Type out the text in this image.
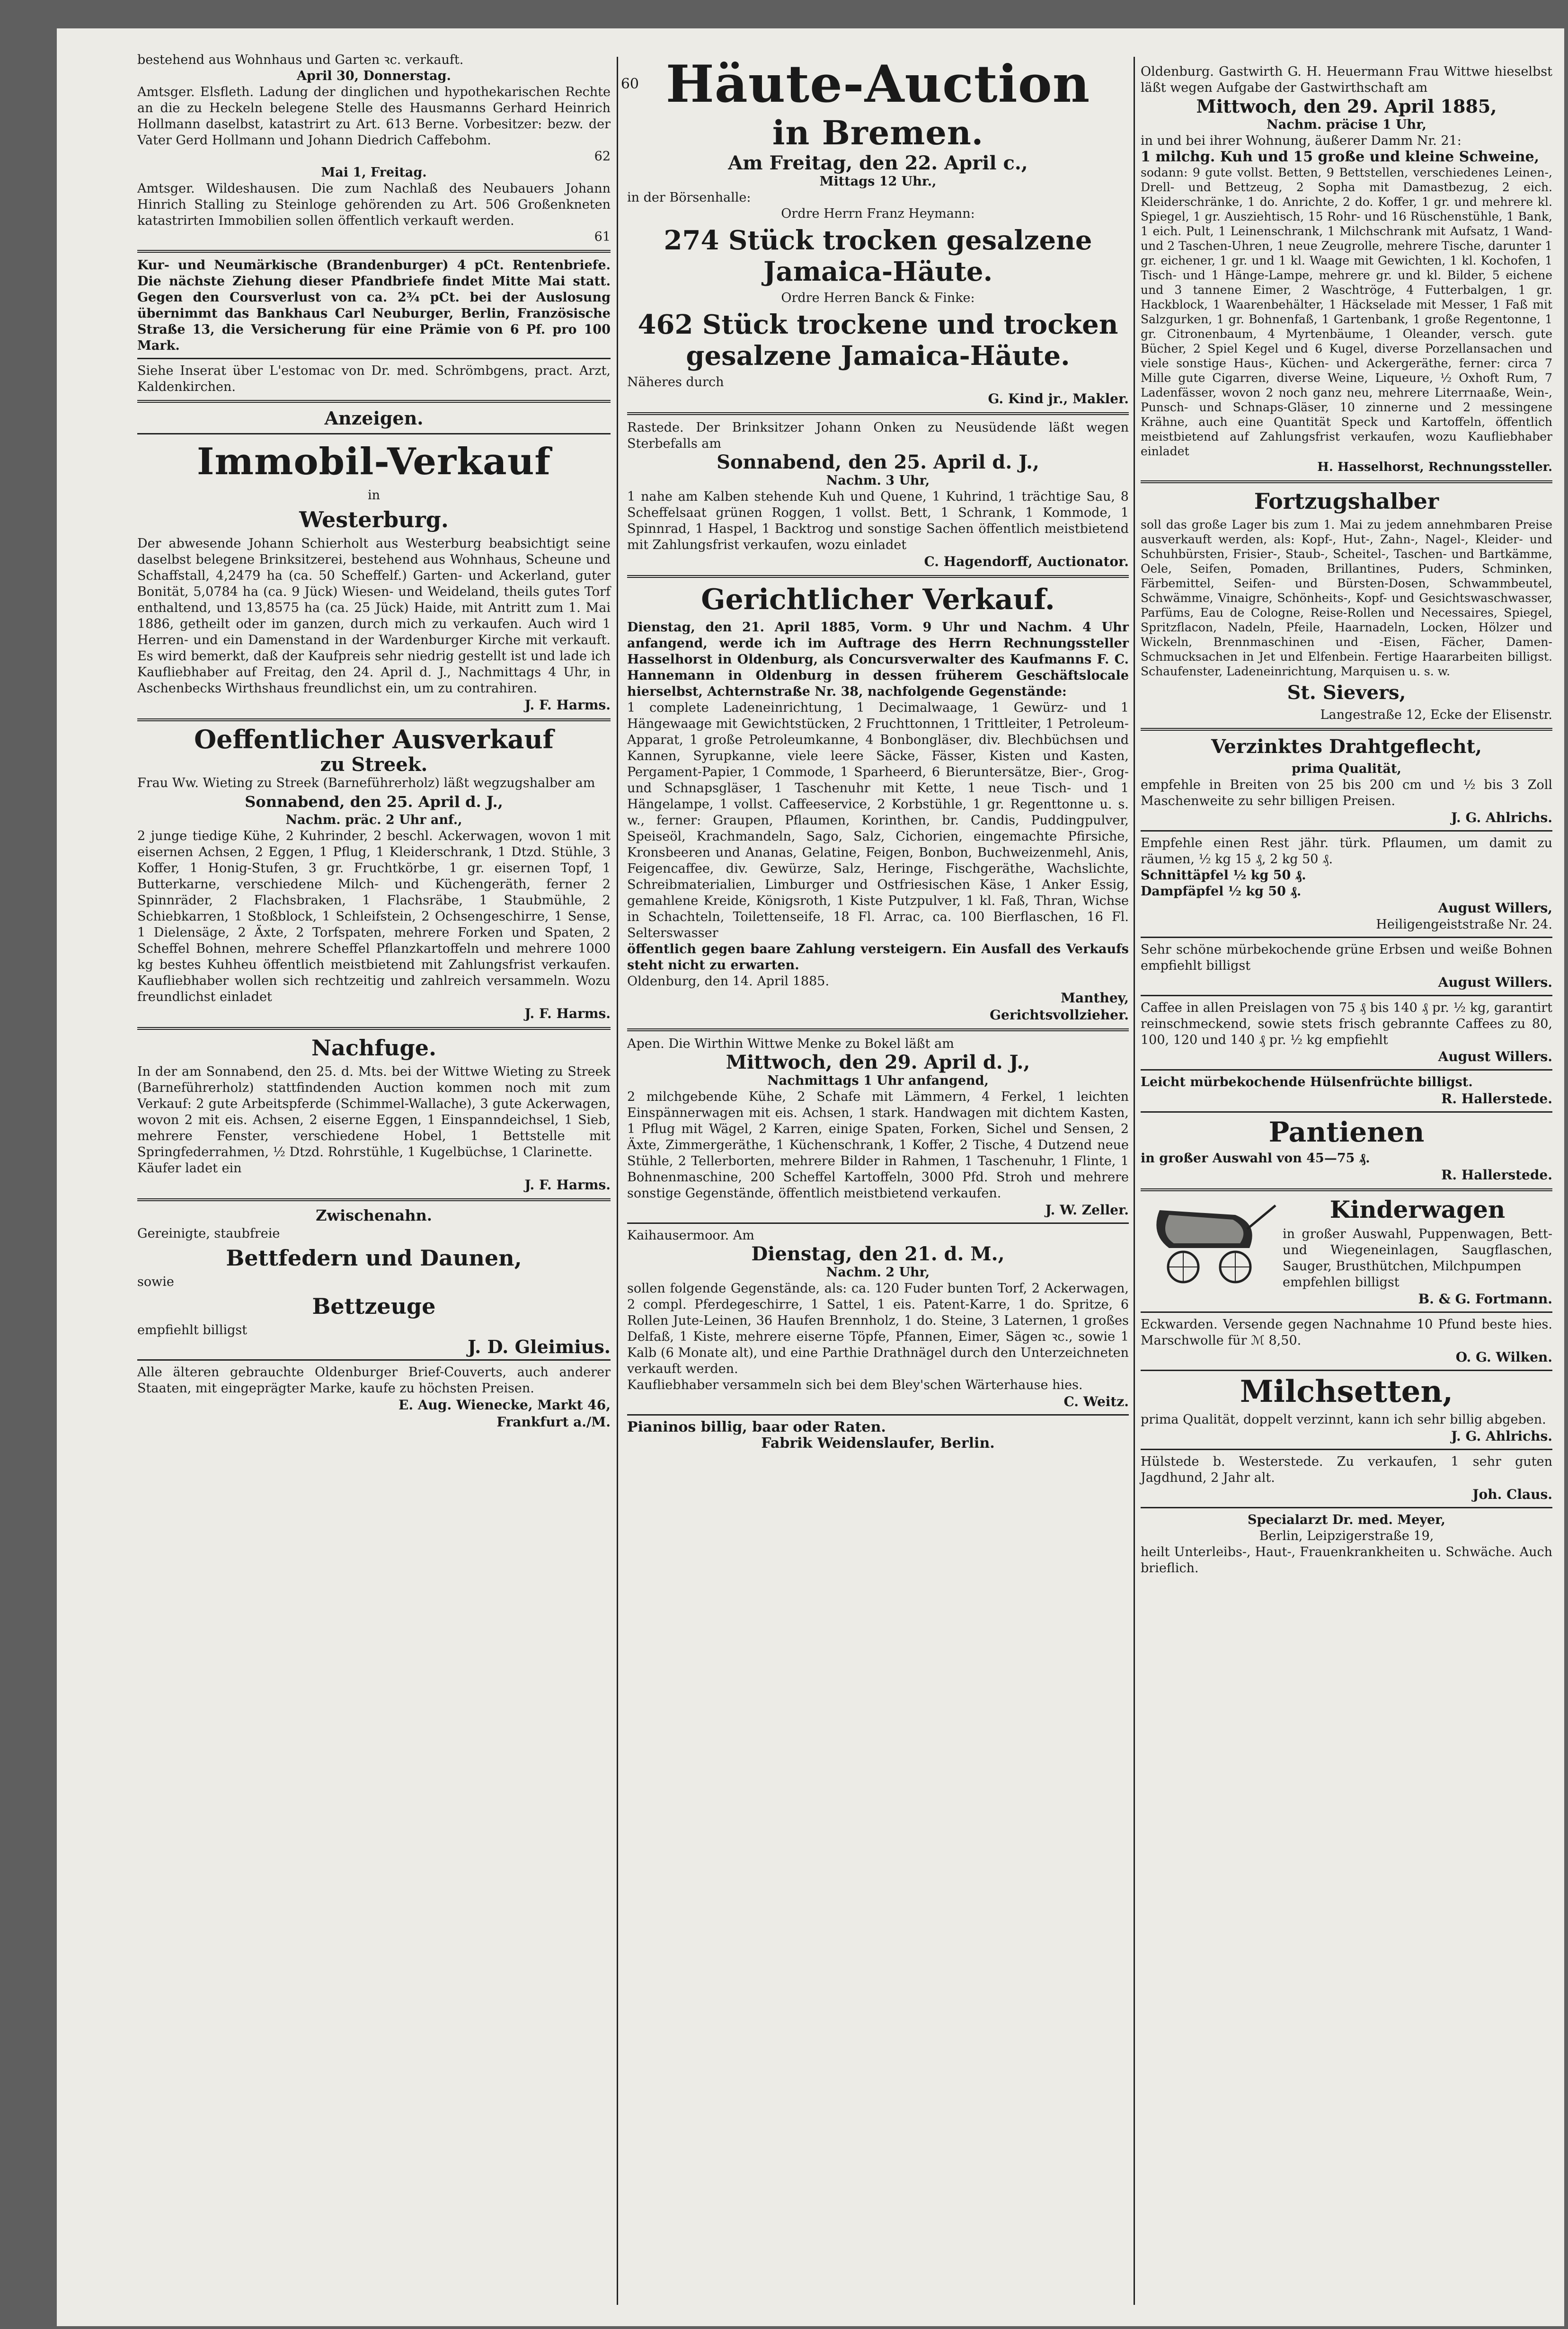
bestehend aus Wohnhaus und Garten ꝛc. verkauft.

60

April 30, Donnerstag.

Amtsger. Elsfleth. Ladung der dinglichen und hypothekarischen Rechte an die zu Heckeln belegene Stelle des Hausmanns Gerhard Heinrich Hollmann daselbst, katastrirt zu Art. 613 Berne. Vorbesitzer: bezw. der Vater Gerd Hollmann und Johann Diedrich Caffebohm.

62

Mai 1, Freitag.

Amtsger. Wildeshausen. Die zum Nachlaß des Neubauers Johann Hinrich Stalling zu Steinloge gehörenden zu Art. 506 Großenkneten katastrirten Immobilien sollen öffentlich verkauft werden.

61

Kur- und Neumärkische (Brandenburger) 4 pCt. Rentenbriefe. Die nächste Ziehung dieser Pfandbriefe findet Mitte Mai statt. Gegen den Coursverlust von ca. 2¾ pCt. bei der Auslosung übernimmt das Bankhaus Carl Neuburger, Berlin, Französische Straße 13, die Versicherung für eine Prämie von 6 Pf. pro 100 Mark.

Siehe Inserat über L'estomac von Dr. med. Schrömbgens, pract. Arzt, Kaldenkirchen.

Anzeigen.
Immobil-Verkauf

in

Westerburg.

Der abwesende Johann Schierholt aus Westerburg beabsichtigt seine daselbst belegene Brinksitzerei, bestehend aus Wohnhaus, Scheune und Schaffstall, 4,2479 ha (ca. 50 Scheffelf.) Garten- und Ackerland, guter Bonität, 5,0784 ha (ca. 9 Jück) Wiesen- und Weideland, theils gutes Torf enthaltend, und 13,8575 ha (ca. 25 Jück) Haide, mit Antritt zum 1. Mai 1886, getheilt oder im ganzen, durch mich zu verkaufen. Auch wird 1 Herren- und ein Damenstand in der Wardenburger Kirche mit verkauft. Es wird bemerkt, daß der Kaufpreis sehr niedrig gestellt ist und lade ich Kaufliebhaber auf Freitag, den 24. April d. J., Nachmittags 4 Uhr, in Aschenbecks Wirthshaus freundlichst ein, um zu contrahiren.

J. F. Harms.

Oeffentlicher Ausverkauf
zu Streek.

Frau Ww. Wieting zu Streek (Barneführerholz) läßt wegzugshalber am

Sonnabend, den 25. April d. J.,

Nachm. präc. 2 Uhr anf.,

2 junge tiedige Kühe, 2 Kuhrinder, 2 beschl. Ackerwagen, wovon 1 mit eisernen Achsen, 2 Eggen, 1 Pflug, 1 Kleiderschrank, 1 Dtzd. Stühle, 3 Koffer, 1 Honig-Stufen, 3 gr. Fruchtkörbe, 1 gr. eisernen Topf, 1 Butterkarne, verschiedene Milch- und Küchengeräth, ferner 2 Spinnräder, 2 Flachsbraken, 1 Flachsräbe, 1 Staubmühle, 2 Schiebkarren, 1 Stoßblock, 1 Schleifstein, 2 Ochsengeschirre, 1 Sense, 1 Dielensäge, 2 Äxte, 2 Torfspaten, mehrere Forken und Spaten, 2 Scheffel Bohnen, mehrere Scheffel Pflanzkartoffeln und mehrere 1000 kg bestes Kuhheu öffentlich meistbietend mit Zahlungsfrist verkaufen. Kaufliebhaber wollen sich rechtzeitig und zahlreich versammeln. Wozu freundlichst einladet

J. F. Harms.

Nachfuge.

In der am Sonnabend, den 25. d. Mts. bei der Wittwe Wieting zu Streek (Barneführerholz) stattfindenden Auction kommen noch mit zum Verkauf: 2 gute Arbeitspferde (Schimmel-Wallache), 3 gute Ackerwagen, wovon 2 mit eis. Achsen, 2 eiserne Eggen, 1 Einspanndeichsel, 1 Sieb, mehrere Fenster, verschiedene Hobel, 1 Bettstelle mit Springfederrahmen, ½ Dtzd. Rohrstühle, 1 Kugelbüchse, 1 Clarinette.

Käufer ladet ein

J. F. Harms.

Zwischenahn.

Gereinigte, staubfreie

Bettfedern und Daunen,

sowie

Bettzeuge

empfiehlt billigst

J. D. Gleimius.

Alle älteren gebrauchte Oldenburger Brief-Couverts, auch anderer Staaten, mit eingeprägter Marke, kaufe zu höchsten Preisen.

E. Aug. Wienecke, Markt 46,

Frankfurt a./M.

Häute-Auction
in Bremen.
Am Freitag, den 22. April c.,

Mittags 12 Uhr.,

in der Börsenhalle:

Ordre Herrn Franz Heymann:

274 Stück trocken gesalzene Jamaica-Häute.

Ordre Herren Banck & Finke:

462 Stück trockene und trocken gesalzene Jamaica-Häute.

Näheres durch

G. Kind jr., Makler.

Rastede. Der Brinksitzer Johann Onken zu Neusüdende läßt wegen Sterbefalls am

Sonnabend, den 25. April d. J.,

Nachm. 3 Uhr,

1 nahe am Kalben stehende Kuh und Quene, 1 Kuhrind, 1 trächtige Sau, 8 Scheffelsaat grünen Roggen, 1 vollst. Bett, 1 Schrank, 1 Kommode, 1 Spinnrad, 1 Haspel, 1 Backtrog und sonstige Sachen öffentlich meistbietend mit Zahlungsfrist verkaufen, wozu einladet

C. Hagendorff, Auctionator.

Gerichtlicher Verkauf.

Dienstag, den 21. April 1885, Vorm. 9 Uhr und Nachm. 4 Uhr anfangend, werde ich im Auftrage des Herrn Rechnungssteller Hasselhorst in Oldenburg, als Concursverwalter des Kaufmanns F. C. Hannemann in Oldenburg in dessen früherem Geschäftslocale hierselbst, Achternstraße Nr. 38, nachfolgende Gegenstände:

1 complete Ladeneinrichtung, 1 Decimalwaage, 1 Gewürz- und 1 Hängewaage mit Gewichtstücken, 2 Fruchttonnen, 1 Trittleiter, 1 Petroleum-Apparat, 1 große Petroleumkanne, 4 Bonbongläser, div. Blechbüchsen und Kannen, Syrupkanne, viele leere Säcke, Fässer, Kisten und Kasten, Pergament-Papier, 1 Commode, 1 Sparheerd, 6 Bieruntersätze, Bier-, Grog- und Schnapsgläser, 1 Taschenuhr mit Kette, 1 neue Tisch- und 1 Hängelampe, 1 vollst. Caffeeservice, 2 Korbstühle, 1 gr. Regenttonne u. s. w., ferner: Graupen, Pflaumen, Korinthen, br. Candis, Puddingpulver, Speiseöl, Krachmandeln, Sago, Salz, Cichorien, eingemachte Pfirsiche, Kronsbeeren und Ananas, Gelatine, Feigen, Bonbon, Buchweizenmehl, Anis, Feigencaffee, div. Gewürze, Salz, Heringe, Fischgeräthe, Wachslichte, Schreibmaterialien, Limburger und Ostfriesischen Käse, 1 Anker Essig, gemahlene Kreide, Königsroth, 1 Kiste Putzpulver, 1 kl. Faß, Thran, Wichse in Schachteln, Toilettenseife, 18 Fl. Arrac, ca. 100 Bierflaschen, 16 Fl. Selterswasser

öffentlich gegen baare Zahlung versteigern. Ein Ausfall des Verkaufs steht nicht zu erwarten.

Oldenburg, den 14. April 1885.

Manthey,

Gerichtsvollzieher.

Apen. Die Wirthin Wittwe Menke zu Bokel läßt am

Mittwoch, den 29. April d. J.,

Nachmittags 1 Uhr anfangend,

2 milchgebende Kühe, 2 Schafe mit Lämmern, 4 Ferkel, 1 leichten Einspännerwagen mit eis. Achsen, 1 stark. Handwagen mit dichtem Kasten, 1 Pflug mit Wägel, 2 Karren, einige Spaten, Forken, Sichel und Sensen, 2 Äxte, Zimmergeräthe, 1 Küchenschrank, 1 Koffer, 2 Tische, 4 Dutzend neue Stühle, 2 Tellerborten, mehrere Bilder in Rahmen, 1 Taschenuhr, 1 Flinte, 1 Bohnenmaschine, 200 Scheffel Kartoffeln, 3000 Pfd. Stroh und mehrere sonstige Gegenstände, öffentlich meistbietend verkaufen.

J. W. Zeller.

Kaihausermoor. Am

Dienstag, den 21. d. M.,

Nachm. 2 Uhr,

sollen folgende Gegenstände, als: ca. 120 Fuder bunten Torf, 2 Ackerwagen, 2 compl. Pferdegeschirre, 1 Sattel, 1 eis. Patent-Karre, 1 do. Spritze, 6 Rollen Jute-Leinen, 36 Haufen Brennholz, 1 do. Steine, 3 Laternen, 1 großes Delfaß, 1 Kiste, mehrere eiserne Töpfe, Pfannen, Eimer, Sägen ꝛc., sowie 1 Kalb (6 Monate alt), und eine Parthie Drathnägel durch den Unterzeichneten verkauft werden.

Kaufliebhaber versammeln sich bei dem Bley'schen Wärterhause hies.

C. Weitz.

Pianinos billig, baar oder Raten.

Fabrik Weidenslaufer, Berlin.

Oldenburg. Gastwirth G. H. Heuermann Frau Wittwe hieselbst läßt wegen Aufgabe der Gastwirthschaft am

Mittwoch, den 29. April 1885,

Nachm. präcise 1 Uhr,

in und bei ihrer Wohnung, äußerer Damm Nr. 21:

1 milchg. Kuh und 15 große und kleine Schweine,

sodann: 9 gute vollst. Betten, 9 Bettstellen, verschiedenes Leinen-, Drell- und Bettzeug, 2 Sopha mit Damastbezug, 2 eich. Kleiderschränke, 1 do. Anrichte, 2 do. Koffer, 1 gr. und mehrere kl. Spiegel, 1 gr. Ausziehtisch, 15 Rohr- und 16 Rüschenstühle, 1 Bank, 1 eich. Pult, 1 Leinenschrank, 1 Milchschrank mit Aufsatz, 1 Wand- und 2 Taschen-Uhren, 1 neue Zeugrolle, mehrere Tische, darunter 1 gr. eichener, 1 gr. und 1 kl. Waage mit Gewichten, 1 kl. Kochofen, 1 Tisch- und 1 Hänge-Lampe, mehrere gr. und kl. Bilder, 5 eichene und 3 tannene Eimer, 2 Waschtröge, 4 Futterbalgen, 1 gr. Hackblock, 1 Waarenbehälter, 1 Häckselade mit Messer, 1 Faß mit Salzgurken, 1 gr. Bohnenfaß, 1 Gartenbank, 1 große Regentonne, 1 gr. Citronenbaum, 4 Myrtenbäume, 1 Oleander, versch. gute Bücher, 2 Spiel Kegel und 6 Kugel, diverse Porzellansachen und viele sonstige Haus-, Küchen- und Ackergeräthe, ferner: circa 7 Mille gute Cigarren, diverse Weine, Liqueure, ½ Oxhoft Rum, 7 Ladenfässer, wovon 2 noch ganz neu, mehrere Literrnaaße, Wein-, Punsch- und Schnaps-Gläser, 10 zinnerne und 2 messingene Krähne, auch eine Quantität Speck und Kartoffeln, öffentlich meistbietend auf Zahlungsfrist verkaufen, wozu Kaufliebhaber einladet

H. Hasselhorst, Rechnungssteller.

Fortzugshalber

soll das große Lager bis zum 1. Mai zu jedem annehmbaren Preise ausverkauft werden, als: Kopf-, Hut-, Zahn-, Nagel-, Kleider- und Schuhbürsten, Frisier-, Staub-, Scheitel-, Taschen- und Bartkämme, Oele, Seifen, Pomaden, Brillantines, Puders, Schminken, Färbemittel, Seifen- und Bürsten-Dosen, Schwammbeutel, Schwämme, Vinaigre, Schönheits-, Kopf- und Gesichtswaschwasser, Parfüms, Eau de Cologne, Reise-Rollen und Necessaires, Spiegel, Spritzflacon, Nadeln, Pfeile, Haarnadeln, Locken, Hölzer und Wickeln, Brennmaschinen und -Eisen, Fächer, Damen-Schmucksachen in Jet und Elfenbein. Fertige Haararbeiten billigst. Schaufenster, Ladeneinrichtung, Marquisen u. s. w.

St. Sievers,

Langestraße 12, Ecke der Elisenstr.

Verzinktes Drahtgeflecht,

prima Qualität,

empfehle in Breiten von 25 bis 200 cm und ½ bis 3 Zoll Maschenweite zu sehr billigen Preisen.

J. G. Ahlrichs.

Empfehle einen Rest jähr. türk. Pflaumen, um damit zu räumen, ½ kg 15 ₰, 2 kg 50 ₰.

Schnittäpfel ½ kg 50 ₰.

Dampfäpfel ½ kg 50 ₰.

August Willers,

Heiligengeiststraße Nr. 24.

Sehr schöne mürbekochende grüne Erbsen und weiße Bohnen empfiehlt billigst

August Willers.

Caffee in allen Preislagen von 75 ₰ bis 140 ₰ pr. ½ kg, garantirt reinschmeckend, sowie stets frisch gebrannte Caffees zu 80, 100, 120 und 140 ₰ pr. ½ kg empfiehlt

August Willers.

Leicht mürbekochende Hülsenfrüchte billigst.

R. Hallerstede.

Pantienen

in großer Auswahl von 45—75 ₰.

R. Hallerstede.

Kinderwagen

in großer Auswahl, Puppenwagen, Bett- und Wiegeneinlagen, Saugflaschen, Sauger, Brusthütchen, Milchpumpen

empfehlen billigst

B. & G. Fortmann.

Eckwarden. Versende gegen Nachnahme 10 Pfund beste hies. Marschwolle für ℳ 8,50.

O. G. Wilken.

Milchsetten,

prima Qualität, doppelt verzinnt, kann ich sehr billig abgeben.

J. G. Ahlrichs.

Hülstede b. Westerstede. Zu verkaufen, 1 sehr guten Jagdhund, 2 Jahr alt.

Joh. Claus.

Specialarzt Dr. med. Meyer,

Berlin, Leipzigerstraße 19,

heilt Unterleibs-, Haut-, Frauenkrankheiten u. Schwäche. Auch brieflich.
